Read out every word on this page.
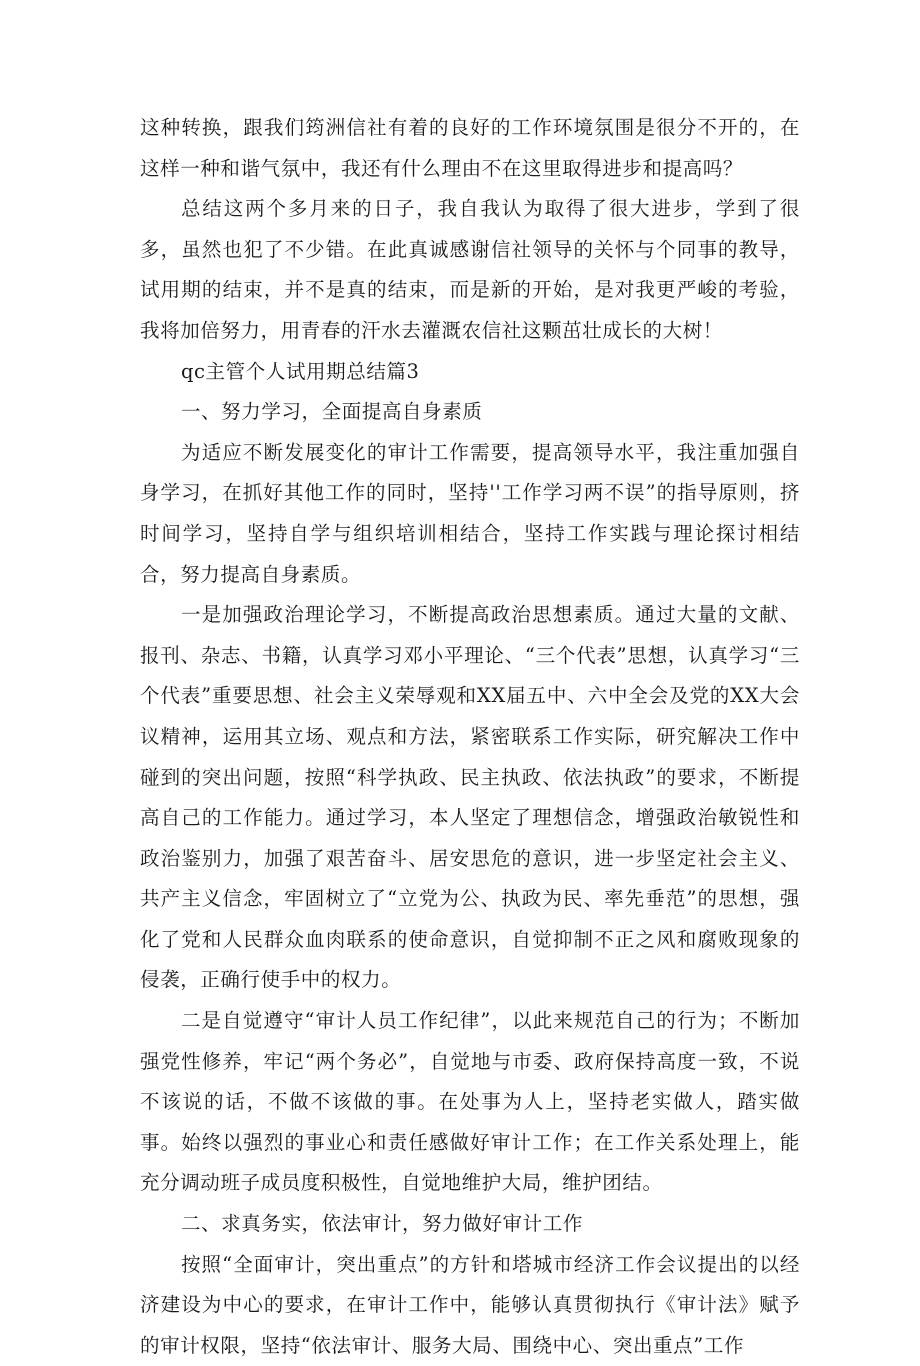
这种转换，跟我们筠洲信社有着的良好的工作环境氛围是很分不开的，在这样一种和谐气氛中，我还有什么理由不在这里取得进步和提高吗？

总结这两个多月来的日子，我自我认为取得了很大进步，学到了很多，虽然也犯了不少错。在此真诚感谢信社领导的关怀与个同事的教导，试用期的结束，并不是真的结束，而是新的开始，是对我更严峻的考验，我将加倍努力，用青春的汗水去灌溉农信社这颗茁壮成长的大树！

qc主管个人试用期总结篇3

一、努力学习，全面提高自身素质

为适应不断发展变化的审计工作需要，提高领导水平，我注重加强自身学习，在抓好其他工作的同时，坚持''工作学习两不误”的指导原则，挤时间学习，坚持自学与组织培训相结合，坚持工作实践与理论探讨相结合，努力提高自身素质。

一是加强政治理论学习，不断提高政治思想素质。通过大量的文献、报刊、杂志、书籍，认真学习邓小平理论、“三个代表”思想，认真学习“三个代表”重要思想、社会主义荣辱观和XX届五中、六中全会及党的XX大会议精神，运用其立场、观点和方法，紧密联系工作实际，研究解决工作中碰到的突出问题，按照“科学执政、民主执政、依法执政”的要求，不断提高自己的工作能力。通过学习，本人坚定了理想信念，增强政治敏锐性和政治鉴别力，加强了艰苦奋斗、居安思危的意识，进一步坚定社会主义、共产主义信念，牢固树立了“立党为公、执政为民、率先垂范”的思想，强化了党和人民群众血肉联系的使命意识，自觉抑制不正之风和腐败现象的侵袭，正确行使手中的权力。

二是自觉遵守“审计人员工作纪律”，以此来规范自己的行为；不断加强党性修养，牢记“两个务必”，自觉地与市委、政府保持高度一致，不说不该说的话，不做不该做的事。在处事为人上，坚持老实做人，踏实做事。始终以强烈的事业心和责任感做好审计工作；在工作关系处理上，能充分调动班子成员度积极性，自觉地维护大局，维护团结。

二、求真务实，依法审计，努力做好审计工作

按照“全面审计，突出重点”的方针和塔城市经济工作会议提出的以经济建设为中心的要求，在审计工作中，能够认真贯彻执行《审计法》赋予的审计权限，坚持“依法审计、服务大局、围绕中心、突出重点”工作
